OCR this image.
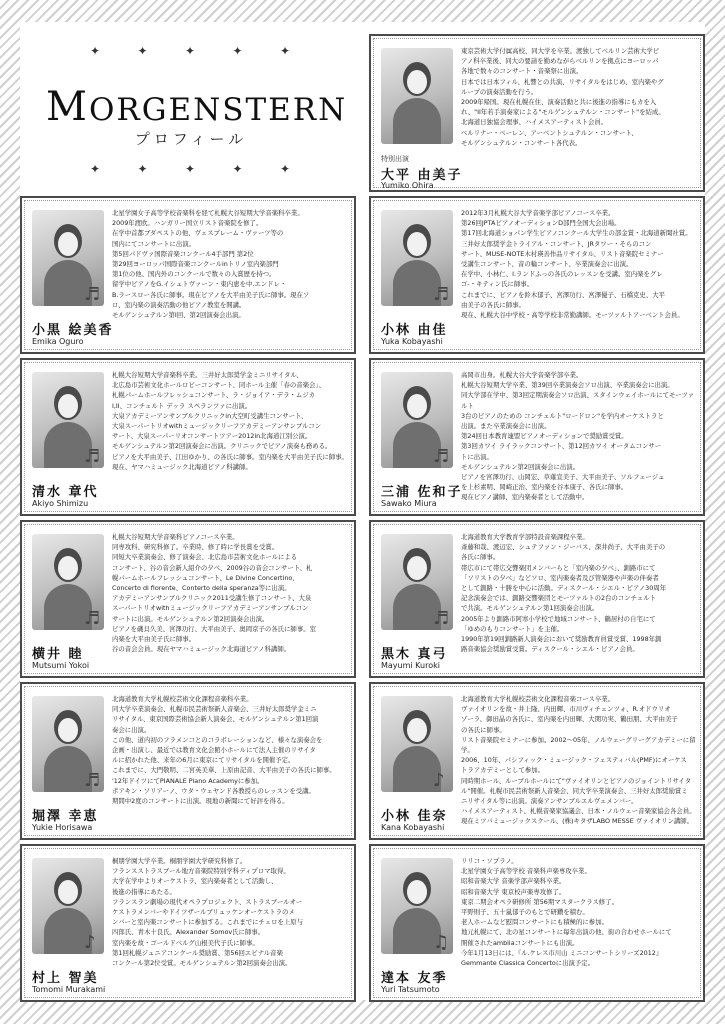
✦	✦	✦	✦	✦
MORGENSTERN
プロフィール
✦	✦	✦	✦	✦
特別出演
大平 由美子
Yumiko Ohira
東京芸術大学付属高校、同大学を卒業。渡独してベルリン芸術大学ピ
アノ科卒業後、同大の要請を勤めながらベルリンを拠点にヨーロッパ
各地で数々のコンサート・音楽祭に出演。
日本では日本フィル、札響との共演、リサイタルをはじめ、室内楽やグ
ループの演奏活動を行う。
2009年帰国。現在札幌在住、演奏活動と共に後進の指導にもカを入
れ、"II年若手演奏家による"モルゲンシュテルン・コンサート"を結成。
北海道日独協会理事、ハイメスアーティスト会員。
ベルリナー・ベーレン、アーベントシュテルン・コンサート、
モルゲンシュテルン・コンサート各代表。
♬
小黒 絵美香
Emika Oguro
北星学園女子高等学校音楽科を経て札幌大谷短期大学音楽科卒業。
2009年渡欧。ハンガリー国立リスト音楽院を修了。
在学中首都ブダペストの他、ヴェスプレーム・ヴァーツ等の
国内にてコンサートに出演。
第5回パドヴァ国際音楽コンクール4手部門 第2位
第29回ヨーロッパ国際音楽コンクールinトリノ室内楽部門
第1位の他、国内外のコンクールで数々の入賞歴を持つ。
留学中ピアノをG.イシュトヴァーン・東内恵を中.エンドレ・
B.ラースロー各氏に師事。現在ピアノを大平由美子氏に師事。現在ソ
ロ、室内楽の演奏活動の他ピアノ教室を開講。
モルゲンシュテルン第I回、第2回演奏会出演。
♬
小林 由佳
Yuka Kobayashi
2012年3月札幌大谷大学音楽学部ピアノコース卒業。
第26回JPTAピアノオーディションD部門全国大会出場。
第17回北海道ショパン学生ピアノコンクール大学生の部金賞・北海道新聞社賞。
三井好太郎奨学金トライアル・コンサート、JRタワー・そらのコン
サート、MUSE-NOTE木村瑛善作品リサイタル、リスト音楽院セミナー
受講生コンサート、音の輪コンサート、卒業演奏会に出演。
在学中、小林仁、I.ランドふっの各氏のレッスンを受講。室内楽をグレ
ゴ-・キティン氏に師事。
これまでに、ピアノを鈴木郁子、宮澤功行、宮澤優子、石橋克史、大平
由美子の各氏に師事。
現在、札幌大谷中学校・高等学校非常勤講師。モーツァルトアーベント会員。
♬
清水 章代
Akiyo Shimizu
札幌大谷短期大学音楽科卒業。三井好太郎奨学金ミニリサイタル、
北広島市芸術文化ホールロビーコンサート、同ホール主催「春の音楽会」、
札幌パームホールフレッシュコンサート、ラ・ジョイア・デラ・ムジカ
I,II、コンチェルト デッラ スペランツァに出演。
大泉アカデミーアンサンブルクリニックin大空町受講生コンサート、
大泉スーパートリオwithミュージックリーフアカデミーアンサンブルコン
サート、大泉スーパーリオコンサートツアー2012in北海道江別公演。
モルゲンシュテルン第2回演奏会に出演。クリニックでピアノ演奏も務める。
ピアノを大平由美子、江田ゆかり、の各氏に師事。室内楽を大平由美子氏に師事。
現在、ヤマハミュージック北海道ピアノ科講師。	♬
三浦 佐和子
Sawako Miura
高岡市出身。札幌大谷大学音楽学部卒業。
札幌大谷短期大学卒業、第39回卒業演奏会ソロ出演、卒業演奏会に出演。
同大学部在学中、第3回定期演奏会ソロ出演、スタインウェイホールにてモーツァルト
3台のピアノのための コンチェルト"ロードロン"を学内オーケストラと
出演。また卒業演奏会に出演。
第24回日本教育連盟ピアノオーディションで奨励賞受賞。
第3回カワイ ライラックコンサート、第12回カワイ オータムコンサー
トに出演。
モルゲンシュテルン第2回演奏会に出演。
ピアノを宮澤功行、山岡宏、草薙宣美子、大平由美子、ソルフェージュ
を上杉素明、岡崎正治、室内楽を谷本康子、各氏に師事。
現在ピアノ講師、室内楽奏者として活動中。
♬
横井 睦
Mutsumi Yokoi
札幌大谷短期大学音楽科ピアノコース卒業。
同専攻科、研究科修了。卒業時、修了時に学長賞を受賞。
同短大卒業演奏会、修了演奏会、北広島市芸術文化ホールによる
コンサート、谷の音会新人紹介の夕べ、2009谷の音会コンサート、札
幌パームホールフレッシュコンサート、Le Divine Concertino、
Concerto di fiorente、Conterto della speranza等に出演。
アカデミーアンサンブルクリニック2011受講生修了コンサート、大泉
スーパートリオwithミュージックリーフアカデミーアンサンブルコン
サートに出演。モルゲンシュテルン第2回演奏会出演。
ピアノを磯貝久美、宮澤功行、大平由美子、奥岡京子の各氏に師事。室
内楽を大平由美子氏に師事。
谷の音会会員。現在ヤマハミュージック北海道ピアノ科講師。
♬
黒木 真弓
Mayumi Kuroki
北海道教育大学教育学部特設音楽課程卒業。
斎藤和哉、渡辺宏、シュテファン・ジーバス、深井尚子、大平由美子の
各氏に師事。
帯広市にて帯広交響楽団メンバーらと「室内楽の夕べ」、釧路市にて
「ソリストの夕べ」などソロ、室内楽奏者及び管楽器や声楽の伴奏者
として釧路・十勝を中心に活動。ディスクール・シエル・ピアノ30周年
記念演奏会では、釧路交響楽団とモーツァルトの2台のコンチェルト
で共演。モルゲンシュテルン第1回演奏会出演。
2005年より釧路市阿寒小学校で地域コンサート、鶴居村の自宅にて
「ゆめのもりコンサート」を主催。
1990年第19回釧路新人演奏会において奨励教育員賞受賞、1998年釧
路音楽協会奨励賞受賞。ディスクール・シエル・ピアノ会員。
♬
堀澤 幸恵
Yukie Horisawa
北海道教育大学札幌校芸術文化課程音楽科卒業。
同大学卒業演奏会、札幌市民芸術祭新人音楽会、三井好太郎奨学金ミニ
リサイタル、東京国際芸術協会新人演奏会、モルゲンシュテルン第1回演
奏会に出演。
この他、道内初のフラメンコとのコラボレーションなど、様々な演奏会を
企画・出演し、最近では教育文化会館小ホールにて法人主催のリサイタ
ルに招かれた他、来年の6月に東京にてリサイタルを開催予定。
これまでに、大門敬明、二宮英美華、上原由記音、大平由美子の各氏に師事。
'12年ドイツにてPIANALE Piano Academyに参加。
ポアキン・ソリアーノ、ウタ・ウェヤンド各教授らのレッスンを受講。
期間中2度のコンサートに出演。現地の新聞にて好評を得る。
♪
小林 佳奈
Kana Kobayashi
北海道教育大学札幌校芸術文化課程音楽コース卒業。
ヴァイオリンを故・井上隆、内田輝、市川ヴィチェンツォ、R.オドウリオ
ゾーラ、御田晶の各氏に、室内楽を内田輝、大関功実、鶴田朋、大平由美子
の各氏に師事。
リスト音楽院セミナーに参加。2002〜05年、ノルウェーグリーグアカデミーに留学。
2006、10年、パシフィック・ミュージック・フェスティバル(PMF)にオーケス
トラアカデミーとして参加。
同時期ホール、ルーブルホールにて"ヴァイオリンとピアノのジョイントリサイタ
ル"開催。札幌市民芸術祭新人音楽会、同大学卒業演奏会、三井好太郎奨励賞ミ
ニリサイタル等に出演。演奏アンサンブルエルヴェメンバー。
ハイメスアーティスト、札幌音楽家協議会、日本・ノルウェー音楽家協会各会員。
現在ミツバミュージックスクール、(株)キタザLABO MESSE ヴァイオリン講師。
♪
村上 智美
Tomomi Murakami
桐朋学園大学卒業。桐朋学園大学研究科修了。
フランスストラスブール地方音楽院特別学科ディプロマ取得。
大学在学中よりオーケストラ、室内楽奏者として活動し、
後進の指導にあたる。
フランスラン劇場の現代オペラプロジェクト、ストラスブールオー
ケストラメンバーやドイツザールブリュッケンオーケストラのメ
ンバーと室内楽コンサートに参加する。これまでにチェロを上原与
四郎氏、青木十良氏、Alexander Somov氏に師事。
室内楽を故・ゴールドベルグ山根美代子氏に師事。
第1回札幌ジュニアコンクール奨励賞、第56回エビナル音楽
コンクール第2位受賞。モルゲンシュテルン第2回演奏会出演。
♫
達本 友季
Yuri Tatsumoto
リリコ・ソプラノ。
北星学園女子高等学校 音楽科声楽専攻卒業。
昭和音楽大学 音楽学部声楽科卒業。
昭和音楽大学 東京校声楽専攻修了。
東京二期会オペラ研修所 第56期マスタークラス修了。
平野則子、五十嵐郁子のもとで研鑽を積む。
老人ホームなど慰問コンサートにも積極的に参加。
地元札幌にて、北の星コンサートに毎年出演の他、街の合わせホールにて
開催されたambliaコンサートにも出演。
今年1月13日には、『ル.ケレス市川山 ミニコンサートシリーズ2012』
Gemmante Classica Concertoに出演予定。
